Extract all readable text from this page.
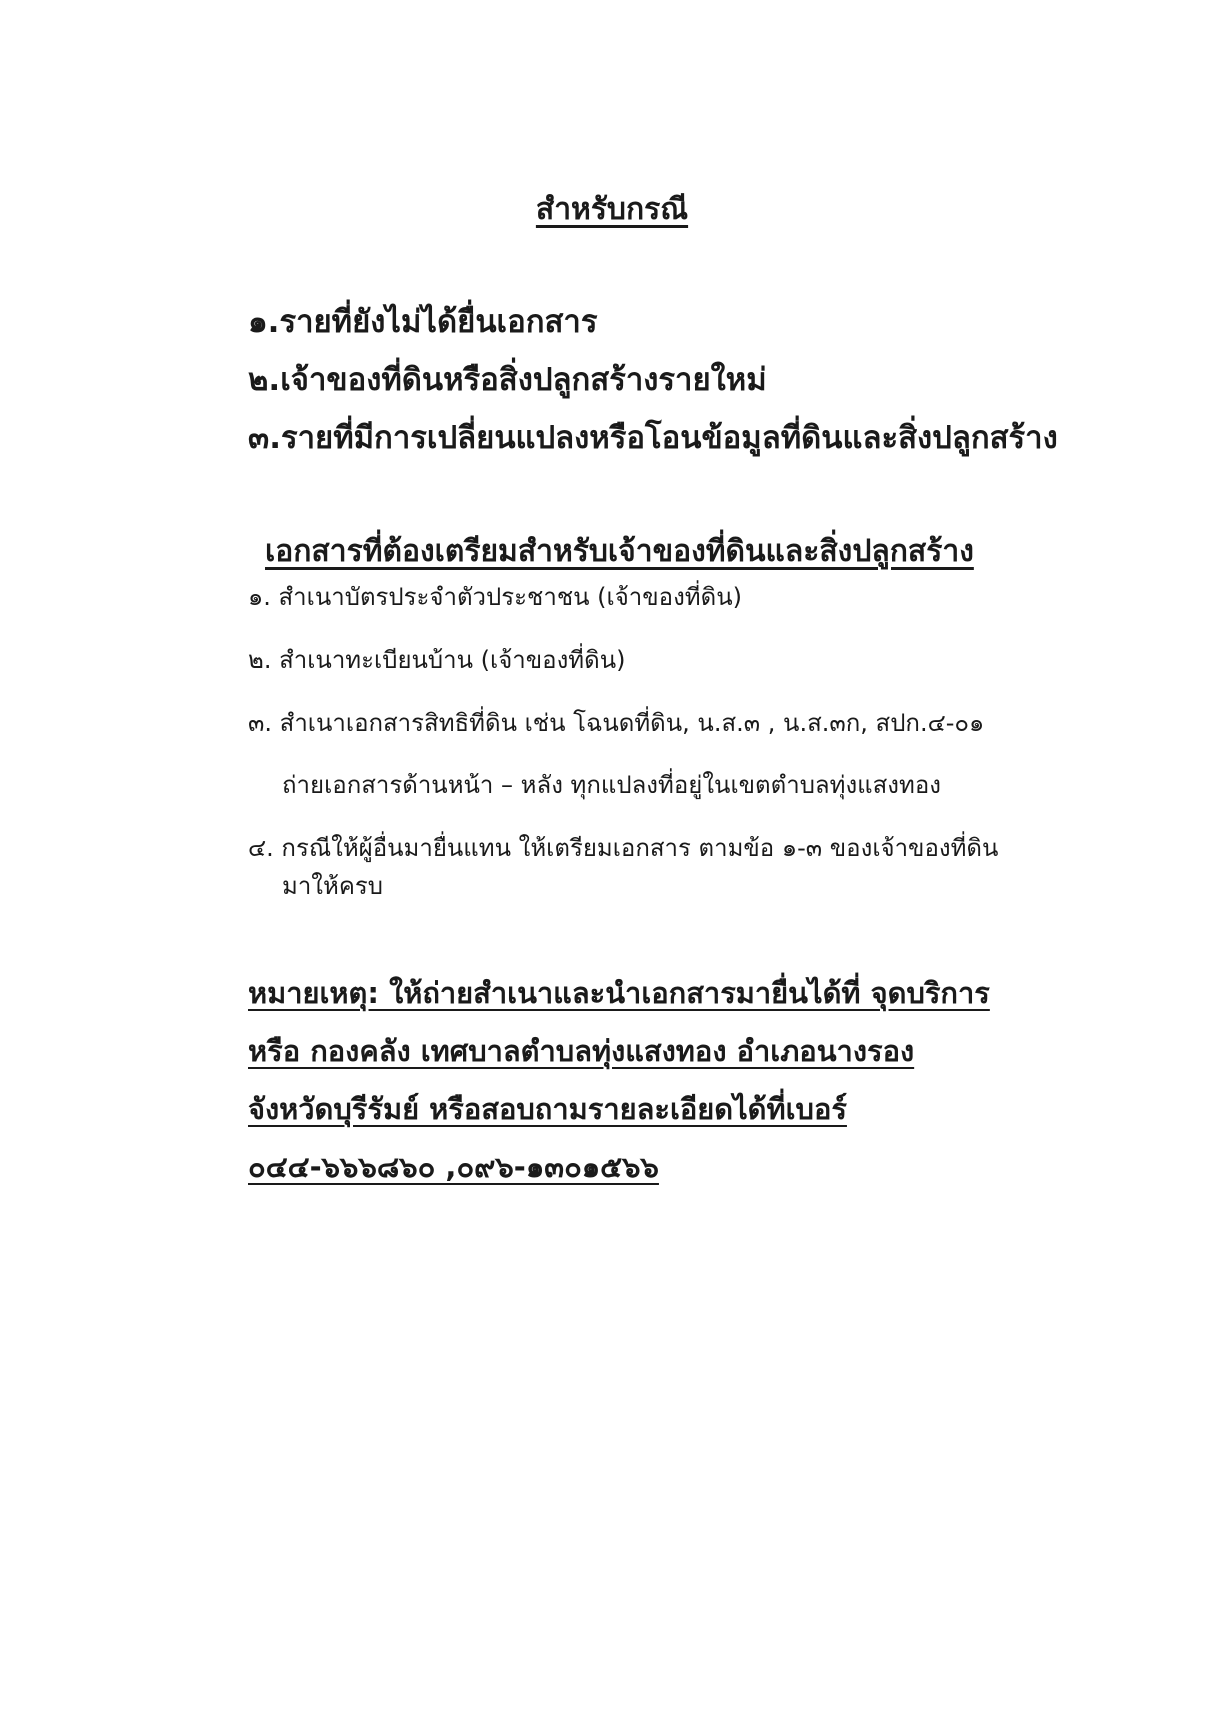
สำหรับกรณี
๑.รายที่ยังไม่ได้ยื่นเอกสาร
๒.เจ้าของที่ดินหรือสิ่งปลูกสร้างรายใหม่
๓.รายที่มีการเปลี่ยนแปลงหรือโอนข้อมูลที่ดินและสิ่งปลูกสร้าง
เอกสารที่ต้องเตรียมสำหรับเจ้าของที่ดินและสิ่งปลูกสร้าง
๑. สำเนาบัตรประจำตัวประชาชน (เจ้าของที่ดิน)
๒. สำเนาทะเบียนบ้าน (เจ้าของที่ดิน)
๓. สำเนาเอกสารสิทธิที่ดิน เช่น โฉนดที่ดิน, น.ส.๓ , น.ส.๓ก, สปก.๔-๐๑
ถ่ายเอกสารด้านหน้า – หลัง ทุกแปลงที่อยู่ในเขตตำบลทุ่งแสงทอง
๔. กรณีให้ผู้อื่นมายื่นแทน ให้เตรียมเอกสาร ตามข้อ ๑-๓ ของเจ้าของที่ดิน
มาให้ครบ
หมายเหตุ: ให้ถ่ายสำเนาและนำเอกสารมายื่นได้ที่ จุดบริการ
หรือ กองคลัง เทศบาลตำบลทุ่งแสงทอง อำเภอนางรอง
จังหวัดบุรีรัมย์ หรือสอบถามรายละเอียดได้ที่เบอร์
๐๔๔-๖๖๖๘๖๐ ,๐๙๖-๑๓๐๑๕๖๖
